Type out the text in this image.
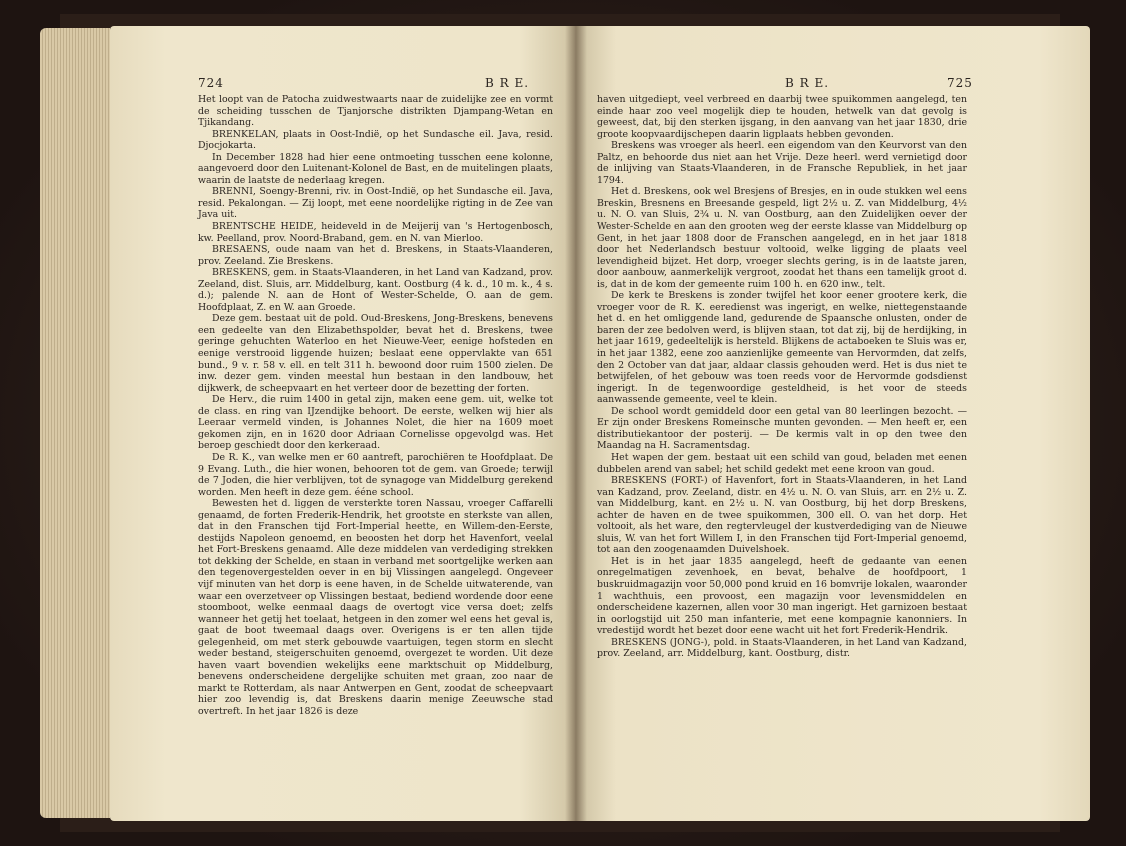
724	B R E.

Het loopt van de Patocha zuidwestwaarts naar de zuidelijke zee en vormt de scheiding tusschen de Tjanjorsche distrikten Djampang-Wetan en Tjikandang.

BRENKELAN, plaats in Oost-Indië, op het Sundasche eil. Java, resid. Djocjokarta.

In December 1828 had hier eene ontmoeting tusschen eene kolonne, aangevoerd door den Luitenant-Kolonel de Bast, en de muitelingen plaats, waarin de laatste de nederlaag kregen.

BRENNI, Soengy-Brenni, riv. in Oost-Indië, op het Sundasche eil. Java, resid. Pekalongan. — Zij loopt, met eene noordelijke rigting in de Zee van Java uit.

BRENTSCHE HEIDE, heideveld in de Meijerij van 's Hertogenbosch, kw. Peelland, prov. Noord-Braband, gem. en N. van Mierloo.

BRESAENS, oude naam van het d. Breskens, in Staats-Vlaanderen, prov. Zeeland. Zie Breskens.

BRESKENS, gem. in Staats-Vlaanderen, in het Land van Kadzand, prov. Zeeland, dist. Sluis, arr. Middelburg, kant. Oostburg (4 k. d., 10 m. k., 4 s. d.); palende N. aan de Hont of Wester-Schelde, O. aan de gem. Hoofdplaat, Z. en W. aan Groede.

Deze gem. bestaat uit de pold. Oud-Breskens, Jong-Breskens, benevens een gedeelte van den Elizabethspolder, bevat het d. Breskens, twee geringe gehuchten Waterloo en het Nieuwe-Veer, eenige hofsteden en eenige verstrooid liggende huizen; beslaat eene oppervlakte van 651 bund., 9 v. r. 58 v. ell. en telt 311 h. bewoond door ruim 1500 zielen. De inw. dezer gem. vinden meestal hun bestaan in den landbouw, het dijkwerk, de scheepvaart en het verteer door de bezetting der forten.

De Herv., die ruim 1400 in getal zijn, maken eene gem. uit, welke tot de class. en ring van IJzendijke behoort. De eerste, welken wij hier als Leeraar vermeld vinden, is Johannes Nolet, die hier na 1609 moet gekomen zijn, en in 1620 door Adriaan Cornelisse opgevolgd was. Het beroep geschiedt door den kerkeraad.

De R. K., van welke men er 60 aantreft, parochiëren te Hoofdplaat. De 9 Evang. Luth., die hier wonen, behooren tot de gem. van Groede; terwijl de 7 Joden, die hier verblijven, tot de synagoge van Middelburg gerekend worden. Men heeft in deze gem. ééne school.

Bewesten het d. liggen de versterkte toren Nassau, vroeger Caffarelli genaamd, de forten Frederik-Hendrik, het grootste en sterkste van allen, dat in den Franschen tijd Fort-Imperial heette, en Willem-den-Eerste, destijds Napoleon genoemd, en beoosten het dorp het Havenfort, veelal het Fort-Breskens genaamd. Alle deze middelen van verdediging strekken tot dekking der Schelde, en staan in verband met soortgelijke werken aan den tegenovergestelden oever in en bij Vlissingen aangelegd. Ongeveer vijf minuten van het dorp is eene haven, in de Schelde uitwaterende, van waar een overzetveer op Vlissingen bestaat, bediend wordende door eene stoomboot, welke eenmaal daags de overtogt vice versa doet; zelfs wanneer het getij het toelaat, hetgeen in den zomer wel eens het geval is, gaat de boot tweemaal daags over. Overigens is er ten allen tijde gelegenheid, om met sterk gebouwde vaartuigen, tegen storm en slecht weder bestand, steigerschuiten genoemd, overgezet te worden. Uit deze haven vaart bovendien wekelijks eene marktschuit op Middelburg, benevens onderscheidene dergelijke schuiten met graan, zoo naar de markt te Rotterdam, als naar Antwerpen en Gent, zoodat de scheepvaart hier zoo levendig is, dat Breskens daarin menige Zeeuwsche stad overtreft. In het jaar 1826 is deze

B R E.	725

haven uitgediept, veel verbreed en daarbij twee spuikommen aangelegd, ten einde haar zoo veel mogelijk diep te houden, hetwelk van dat gevolg is geweest, dat, bij den sterken ijsgang, in den aanvang van het jaar 1830, drie groote koopvaardijschepen daarin ligplaats hebben gevonden.

Breskens was vroeger als heerl. een eigendom van den Keurvorst van den Paltz, en behoorde dus niet aan het Vrije. Deze heerl. werd vernietigd door de inlijving van Staats-Vlaanderen, in de Fransche Republiek, in het jaar 1794.

Het d. Breskens, ook wel Bresjens of Bresjes, en in oude stukken wel eens Breskin, Bresnens en Breesande gespeld, ligt 2½ u. Z. van Middelburg, 4½ u. N. O. van Sluis, 2¾ u. N. van Oostburg, aan den Zuidelijken oever der Wester-Schelde en aan den grooten weg der eerste klasse van Middelburg op Gent, in het jaar 1808 door de Franschen aangelegd, en in het jaar 1818 door het Nederlandsch bestuur voltooid, welke ligging de plaats veel levendigheid bijzet. Het dorp, vroeger slechts gering, is in de laatste jaren, door aanbouw, aanmerkelijk vergroot, zoodat het thans een tamelijk groot d. is, dat in de kom der gemeente ruim 100 h. en 620 inw., telt.

De kerk te Breskens is zonder twijfel het koor eener grootere kerk, die vroeger voor de R. K. eeredienst was ingerigt, en welke, niettegenstaande het d. en het omliggende land, gedurende de Spaansche onlusten, onder de baren der zee bedolven werd, is blijven staan, tot dat zij, bij de herdijking, in het jaar 1619, gedeeltelijk is hersteld. Blijkens de actaboeken te Sluis was er, in het jaar 1382, eene zoo aanzienlijke gemeente van Hervormden, dat zelfs, den 2 October van dat jaar, aldaar classis gehouden werd. Het is dus niet te betwijfelen, of het gebouw was toen reeds voor de Hervormde godsdienst ingerigt. In de tegenwoordige gesteldheid, is het voor de steeds aanwassende gemeente, veel te klein.

De school wordt gemiddeld door een getal van 80 leerlingen bezocht. — Er zijn onder Breskens Romeinsche munten gevonden. — Men heeft er, een distributiekantoor der posterij. — De kermis valt in op den twee den Maandag na H. Sacramentsdag.

Het wapen der gem. bestaat uit een schild van goud, beladen met eenen dubbelen arend van sabel; het schild gedekt met eene kroon van goud.

BRESKENS (FORT-) of Havenfort, fort in Staats-Vlaanderen, in het Land van Kadzand, prov. Zeeland, distr. en 4½ u. N. O. van Sluis, arr. en 2½ u. Z. van Middelburg, kant. en 2½ u. N. van Oostburg, bij het dorp Breskens, achter de haven en de twee spuikommen, 300 ell. O. van het dorp. Het voltooit, als het ware, den regtervleugel der kustverdediging van de Nieuwe sluis, W. van het fort Willem I, in den Franschen tijd Fort-Imperial genoemd, tot aan den zoogenaamden Duivelshoek.

Het is in het jaar 1835 aangelegd, heeft de gedaante van eenen onregelmatigen zevenhoek, en bevat, behalve de hoofdpoort, 1 buskruidmagazijn voor 50,000 pond kruid en 16 bomvrije lokalen, waaronder 1 wachthuis, een provoost, een magazijn voor levensmiddelen en onderscheidene kazernen, allen voor 30 man ingerigt. Het garnizoen bestaat in oorlogstijd uit 250 man infanterie, met eene kompagnie kanonniers. In vredestijd wordt het bezet door eene wacht uit het fort Frederik-Hendrik.

BRESKENS (JONG-), pold. in Staats-Vlaanderen, in het Land van Kadzand, prov. Zeeland, arr. Middelburg, kant. Oostburg, distr.
